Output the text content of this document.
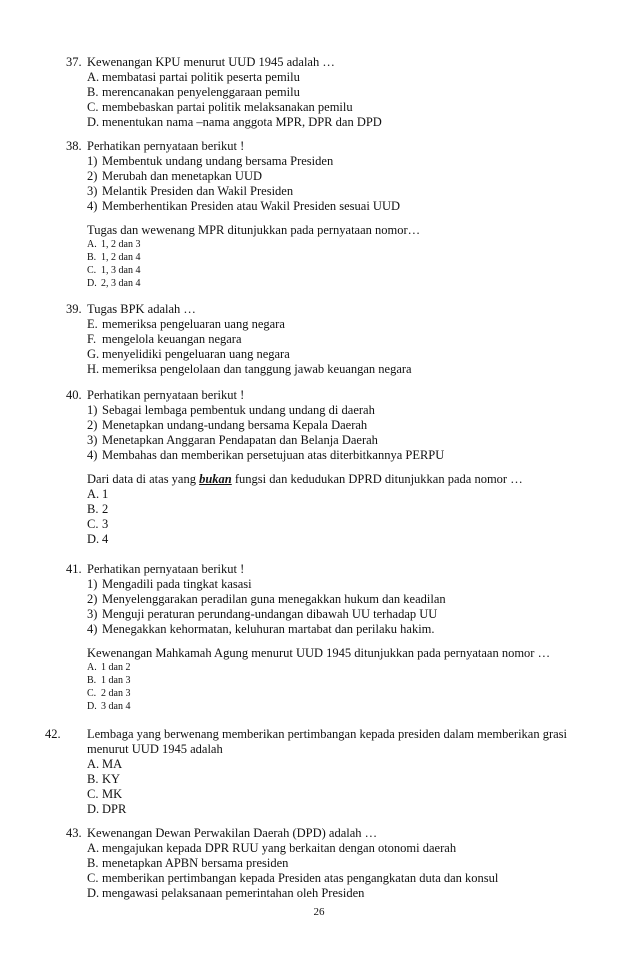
37. Kewenangan KPU menurut UUD 1945 adalah …
A. membatasi partai politik peserta pemilu
B. merencanakan penyelenggaraan pemilu
C. membebaskan partai politik melaksanakan pemilu
D. menentukan nama –nama anggota MPR, DPR dan DPD
38. Perhatikan pernyataan berikut !
1) Membentuk undang undang bersama Presiden
2) Merubah dan menetapkan UUD
3) Melantik Presiden dan Wakil Presiden
4) Memberhentikan Presiden atau Wakil Presiden sesuai UUD
Tugas dan wewenang MPR ditunjukkan pada pernyataan nomor…
A. 1, 2 dan 3
B. 1, 2 dan 4
C. 1, 3 dan 4
D. 2, 3 dan 4
39. Tugas BPK adalah …
E. memeriksa pengeluaran uang negara
F. mengelola keuangan negara
G. menyelidiki pengeluaran uang negara
H. memeriksa pengelolaan dan tanggung jawab keuangan negara
40. Perhatikan pernyataan berikut !
1) Sebagai lembaga pembentuk undang undang di daerah
2) Menetapkan undang-undang bersama Kepala Daerah
3) Menetapkan Anggaran Pendapatan dan Belanja Daerah
4) Membahas dan memberikan persetujuan atas diterbitkannya PERPU
Dari data di atas yang bukan fungsi dan kedudukan DPRD ditunjukkan pada nomor …
A. 1
B. 2
C. 3
D. 4
41. Perhatikan pernyataan berikut !
1) Mengadili pada tingkat kasasi
2) Menyelenggarakan peradilan guna menegakkan hukum dan keadilan
3) Menguji peraturan perundang-undangan dibawah UU terhadap UU
4) Menegakkan kehormatan, keluhuran martabat dan perilaku hakim.
Kewenangan Mahkamah Agung menurut UUD 1945 ditunjukkan pada pernyataan nomor …
A. 1 dan 2
B. 1 dan 3
C. 2 dan 3
D. 3 dan 4
42. Lembaga yang berwenang memberikan pertimbangan kepada presiden dalam memberikan grasi menurut UUD 1945 adalah
A. MA
B. KY
C. MK
D. DPR
43. Kewenangan Dewan Perwakilan Daerah (DPD) adalah …
A. mengajukan kepada DPR RUU yang berkaitan dengan otonomi daerah
B. menetapkan APBN bersama presiden
C. memberikan pertimbangan kepada Presiden atas pengangkatan duta dan konsul
D. mengawasi pelaksanaan pemerintahan oleh Presiden
26
